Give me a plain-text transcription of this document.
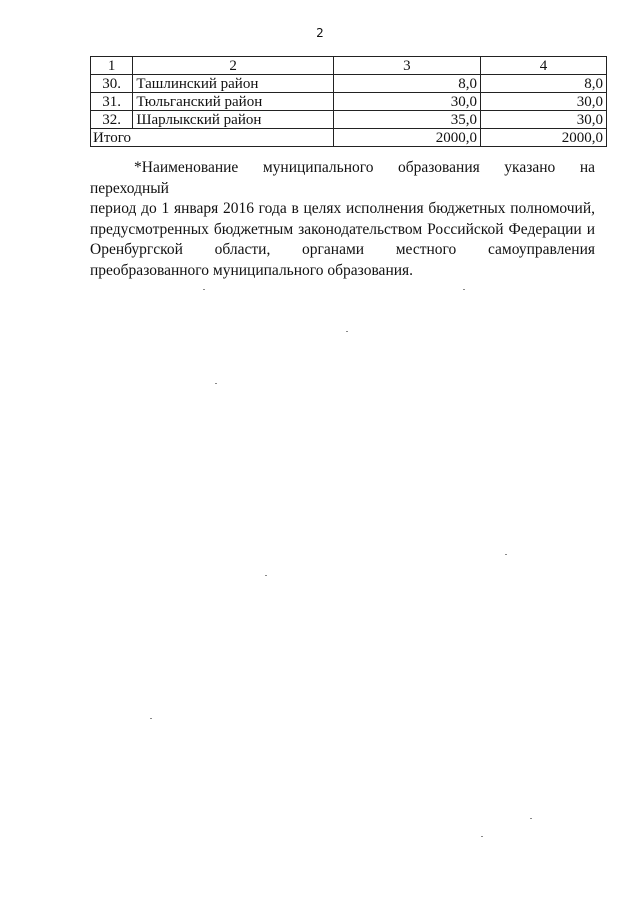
2
1	2	3	4
30.	Ташлинский район	8,0	8,0
31.	Тюльганский район	30,0	30,0
32.	Шарлыкский район	35,0	30,0
Итого		2000,0	2000,0
*Наименование муниципального образования указано на переходный
период до 1 января 2016 года в целях исполнения бюджетных полномочий,
предусмотренных бюджетным законодательством Российской Федерации и
Оренбургской области, органами местного самоуправления
преобразованного муниципального образования.
